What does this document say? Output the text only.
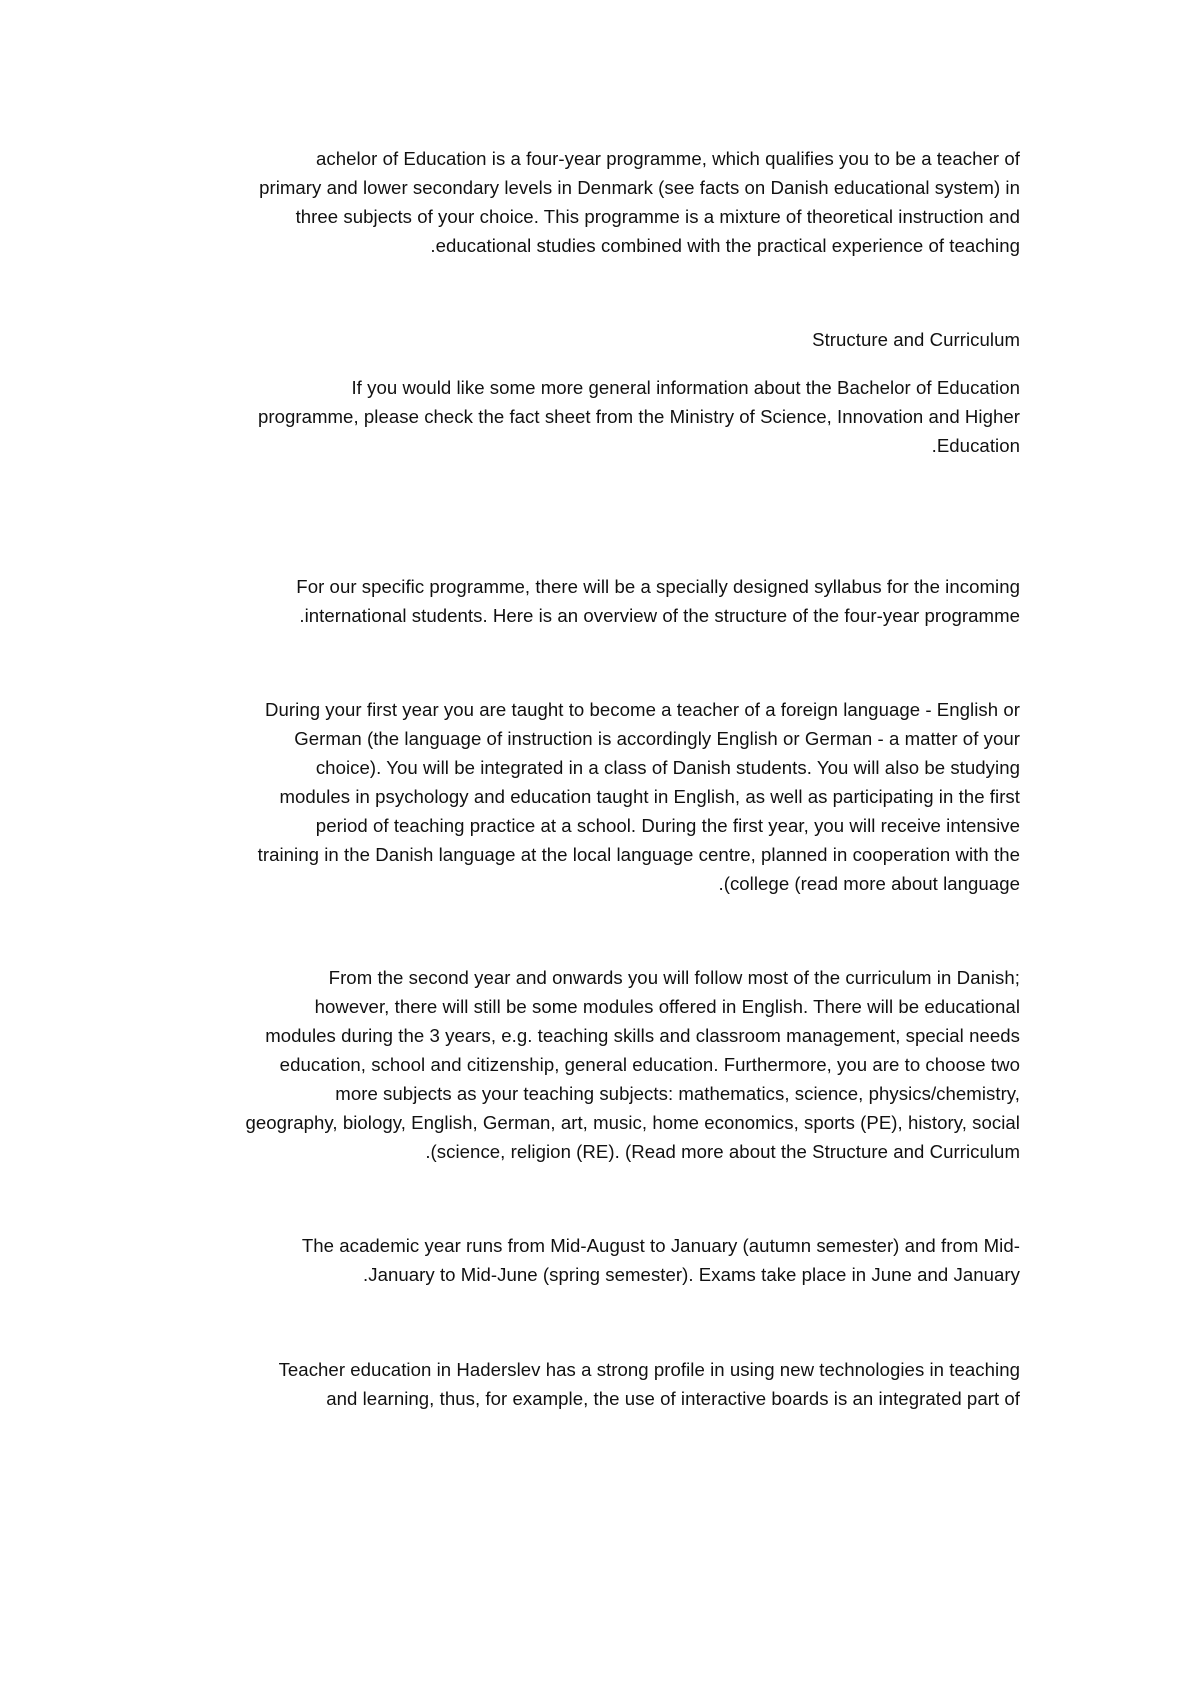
achelor of Education is a four-year programme, which qualifies you to be a teacher of
primary and lower secondary levels in Denmark (see facts on Danish educational system) in
three subjects of your choice. This programme is a mixture of theoretical instruction and
.educational studies combined with the practical experience of teaching
Structure and Curriculum
If you would like some more general information about the Bachelor of Education
programme, please check the fact sheet from the Ministry of Science, Innovation and Higher
.Education
For our specific programme, there will be a specially designed syllabus for the incoming
.international students. Here is an overview of the structure of the four-year programme
During your first year you are taught to become a teacher of a foreign language - English or
German (the language of instruction is accordingly English or German - a matter of your
choice). You will be integrated in a class of Danish students. You will also be studying
modules in psychology and education taught in English, as well as participating in the first
period of teaching practice at a school. During the first year, you will receive intensive
training in the Danish language at the local language centre, planned in cooperation with the
.(college (read more about language
From the second year and onwards you will follow most of the curriculum in Danish;
however, there will still be some modules offered in English. There will be educational
modules during the 3 years, e.g. teaching skills and classroom management, special needs
education, school and citizenship, general education. Furthermore, you are to choose two
more subjects as your teaching subjects: mathematics, science, physics/chemistry,
geography, biology, English, German, art, music, home economics, sports (PE), history, social
.(science, religion (RE). (Read more about the Structure and Curriculum
The academic year runs from Mid-August to January (autumn semester) and from Mid-
.January to Mid-June (spring semester). Exams take place in June and January
Teacher education in Haderslev has a strong profile in using new technologies in teaching
and learning, thus, for example, the use of interactive boards is an integrated part of
